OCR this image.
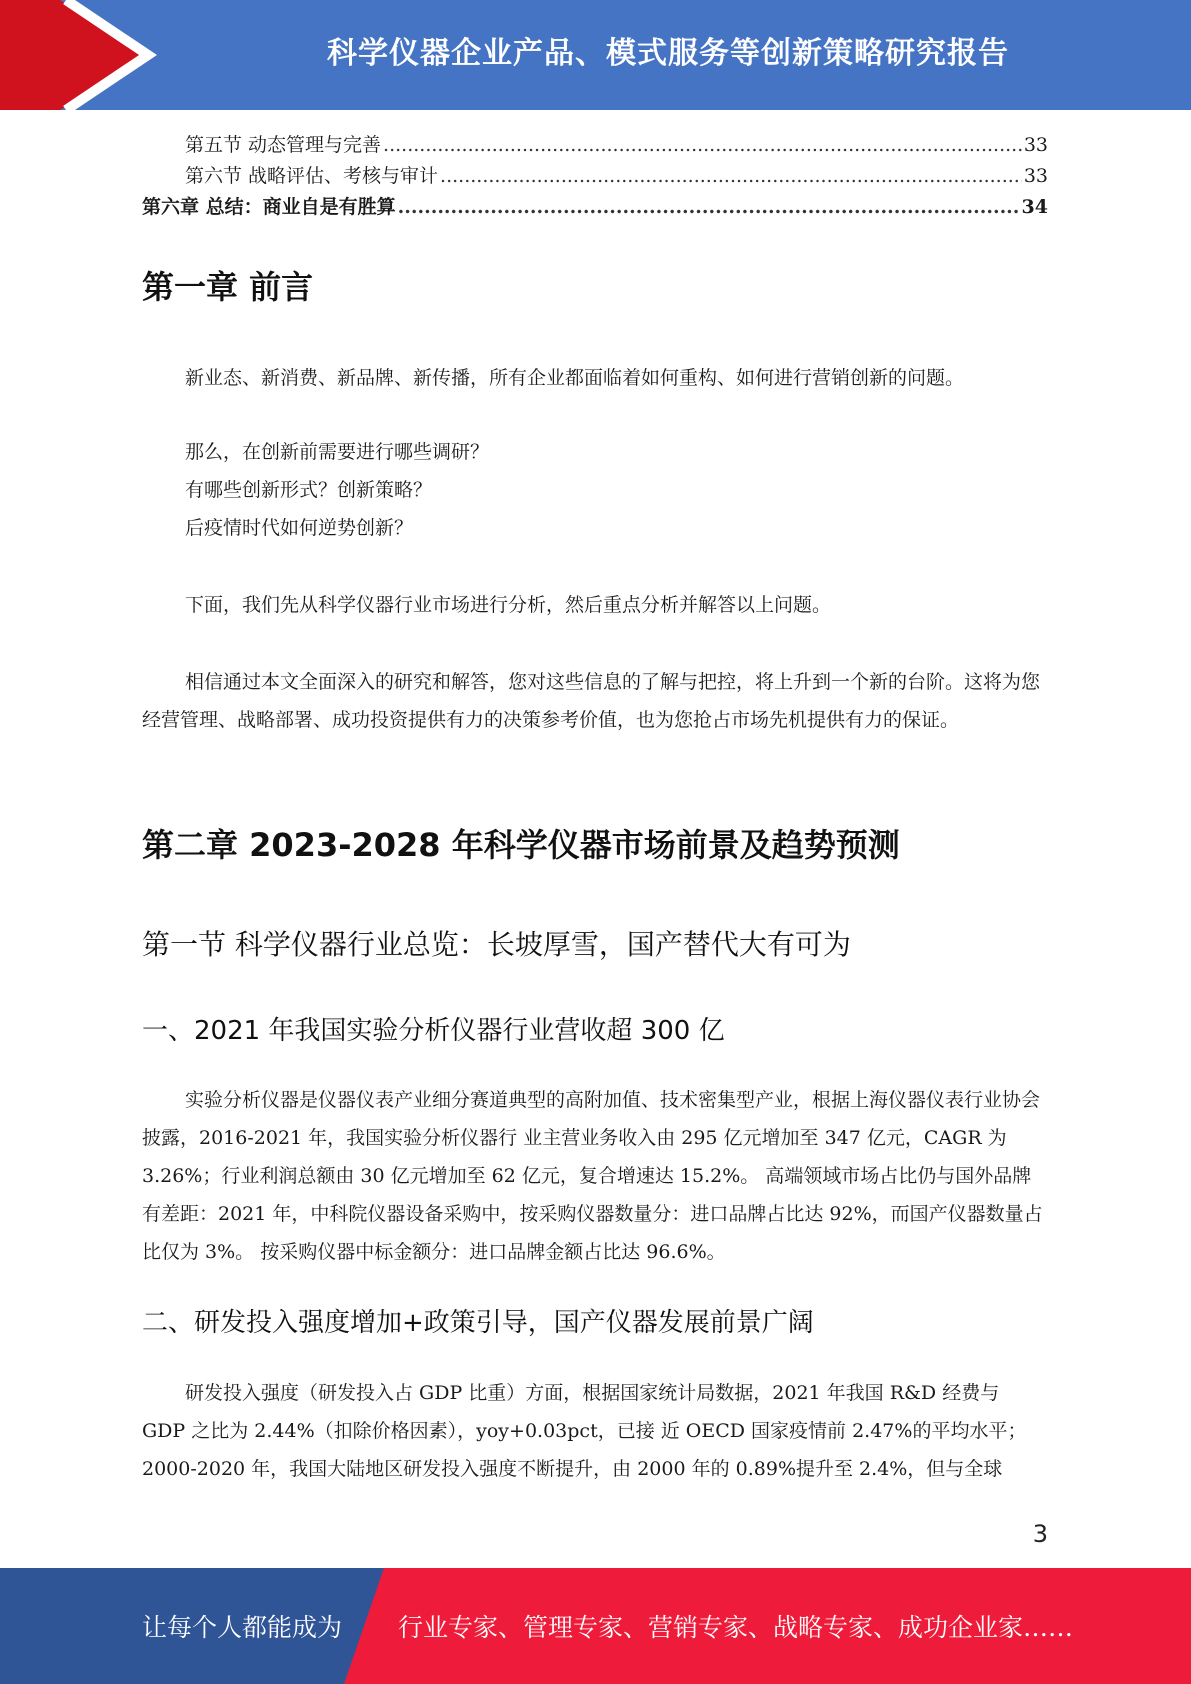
科学仪器企业产品、模式服务等创新策略研究报告
第五节 动态管理与完善 .....	33
第六节 战略评估、考核与审计 .....	33
第六章 总结：商业自是有胜算 .....	34
第一章 前言

新业态、新消费、新品牌、新传播，所有企业都面临着如何重构、如何进行营销创新的问题。

那么，在创新前需要进行哪些调研？
有哪些创新形式？创新策略？
后疫情时代如何逆势创新？

下面，我们先从科学仪器行业市场进行分析，然后重点分析并解答以上问题。

相信通过本文全面深入的研究和解答，您对这些信息的了解与把控，将上升到一个新的台阶。这将为您经营管理、战略部署、成功投资提供有力的决策参考价值，也为您抢占市场先机提供有力的保证。

第二章 2023-2028 年科学仪器市场前景及趋势预测
第一节 科学仪器行业总览：长坡厚雪，国产替代大有可为
一、2021 年我国实验分析仪器行业营收超 300 亿

实验分析仪器是仪器仪表产业细分赛道典型的高附加值、技术密集型产业，根据上海仪器仪表行业协会披露，2016-2021 年，我国实验分析仪器行 业主营业务收入由 295 亿元增加至 347 亿元，CAGR 为 3.26%；行业利润总额由 30 亿元增加至 62 亿元，复合增速达 15.2%。 高端领域市场占比仍与国外品牌有差距：2021 年，中科院仪器设备采购中，按采购仪器数量分：进口品牌占比达 92%，而国产仪器数量占比仅为 3%。 按采购仪器中标金额分：进口品牌金额占比达 96.6%。

二、研发投入强度增加+政策引导，国产仪器发展前景广阔

研发投入强度（研发投入占 GDP 比重）方面，根据国家统计局数据，2021 年我国 R&D 经费与 GDP 之比为 2.44%（扣除价格因素），yoy+0.03pct，已接 近 OECD 国家疫情前 2.47%的平均水平；2000-2020 年，我国大陆地区研发投入强度不断提升，由 2000 年的 0.89%提升至 2.4%，但与全球

3
让每个人都能成为 行业专家、管理专家、营销专家、战略专家、成功企业家……
